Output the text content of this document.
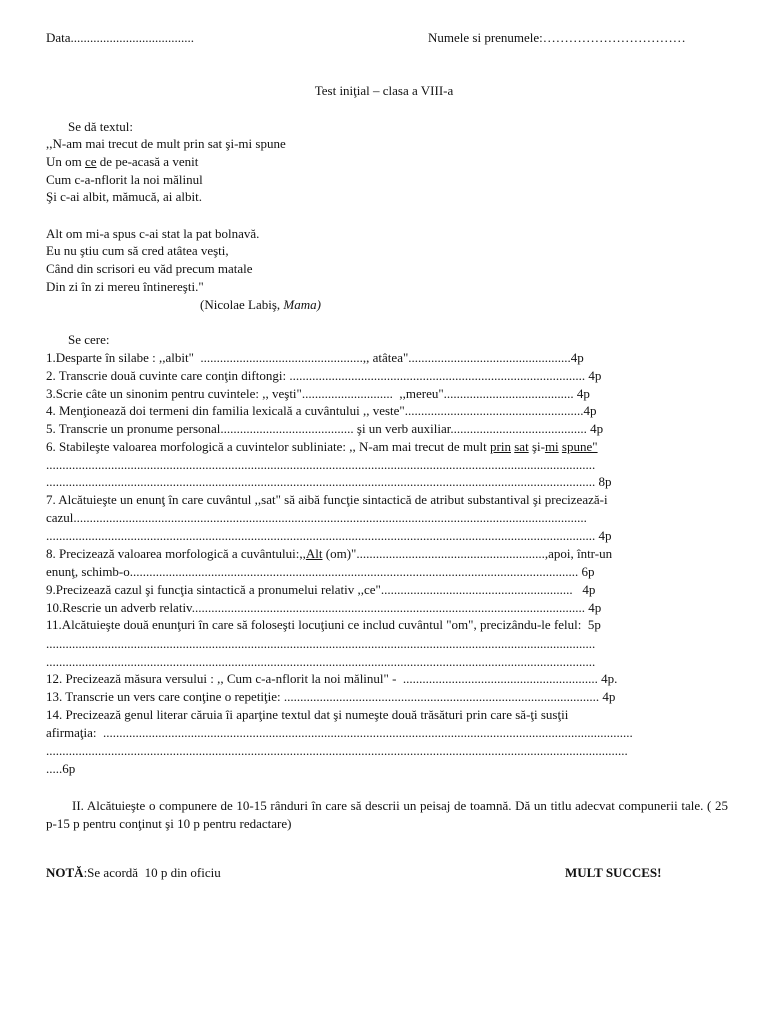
Data......................................	Numele si prenumele:……………………………
Test iniţial – clasa a VIII-a
Se dă textul:
,,N-am mai trecut de mult prin sat şi-mi spune
Un om ce de pe-acasă a venit
Cum c-a-nflorit la noi mălinul
Şi c-ai albit, mămucă, ai albit.
Alt om mi-a spus c-ai stat la pat bolnavă.
Eu nu ştiu cum să cred atâtea veşti,
Când din scrisori eu văd precum matale
Din zi în zi mereu întinereşti."
(Nicolae Labiş, Mama)
Se cere:
1.Desparte în silabe : ,,albit"  ..................................................,, atâtea"..................................................4p
2. Transcrie două cuvinte care conţin diftongi: ........................................................................................... 4p
3.Scrie câte un sinonim pentru cuvintele: ,, veşti"............................  ,,mereu"........................................ 4p
4. Menţionează doi termeni din familia lexicală a cuvântului ,, veste".......................................................4p
5. Transcrie un pronume personal......................................... şi un verb auxiliar.......................................... 4p
6. Stabileşte valoarea morfologică a cuvintelor subliniate: ,, N-am mai trecut de mult prin sat şi-mi spune"
.........................................................................................................................................................................
......................................................................................................................................................................... 8p
7. Alcătuieşte un enunţ în care cuvântul ,,sat" să aibă funcţie sintactică de atribut substantival şi precizează-i
cazul..............................................................................................................................................................
......................................................................................................................................................................... 4p
8. Precizează valoarea morfologică a cuvântului:,,Alt (om)"..........................................................,apoi, într-un
enunţ, schimb-o.......................................................................................................................................... 6p
9.Precizează cazul şi funcţia sintactică a pronumelui relativ ,,ce"...........................................................   4p
10.Rescrie un adverb relativ......................................................................................................................... 4p
11.Alcătuieşte două enunţuri în care să foloseşti locuţiuni ce includ cuvântul "om", precizându-le felul:  5p
.........................................................................................................................................................................
.........................................................................................................................................................................
12. Precizează măsura versului : ,, Cum c-a-nflorit la noi mălinul" -  ............................................................ 4p.
13. Transcrie un vers care conţine o repetiţie: ................................................................................................. 4p
14. Precizează genul literar căruia îi aparţine textul dat şi numeşte două trăsături prin care să-ţi susţii
afirmaţia:  ...................................................................................................................................................................
...................................................................................................................................................................................
.....6p
II. Alcătuieşte o compunere de 10-15 rânduri în care să descrii un peisaj de toamnă. Dă un titlu adecvat compunerii tale. ( 25 p-15 p pentru conţinut şi 10 p pentru redactare)
NOTĂ:Se acordă  10 p din oficiu	MULT SUCCES!
